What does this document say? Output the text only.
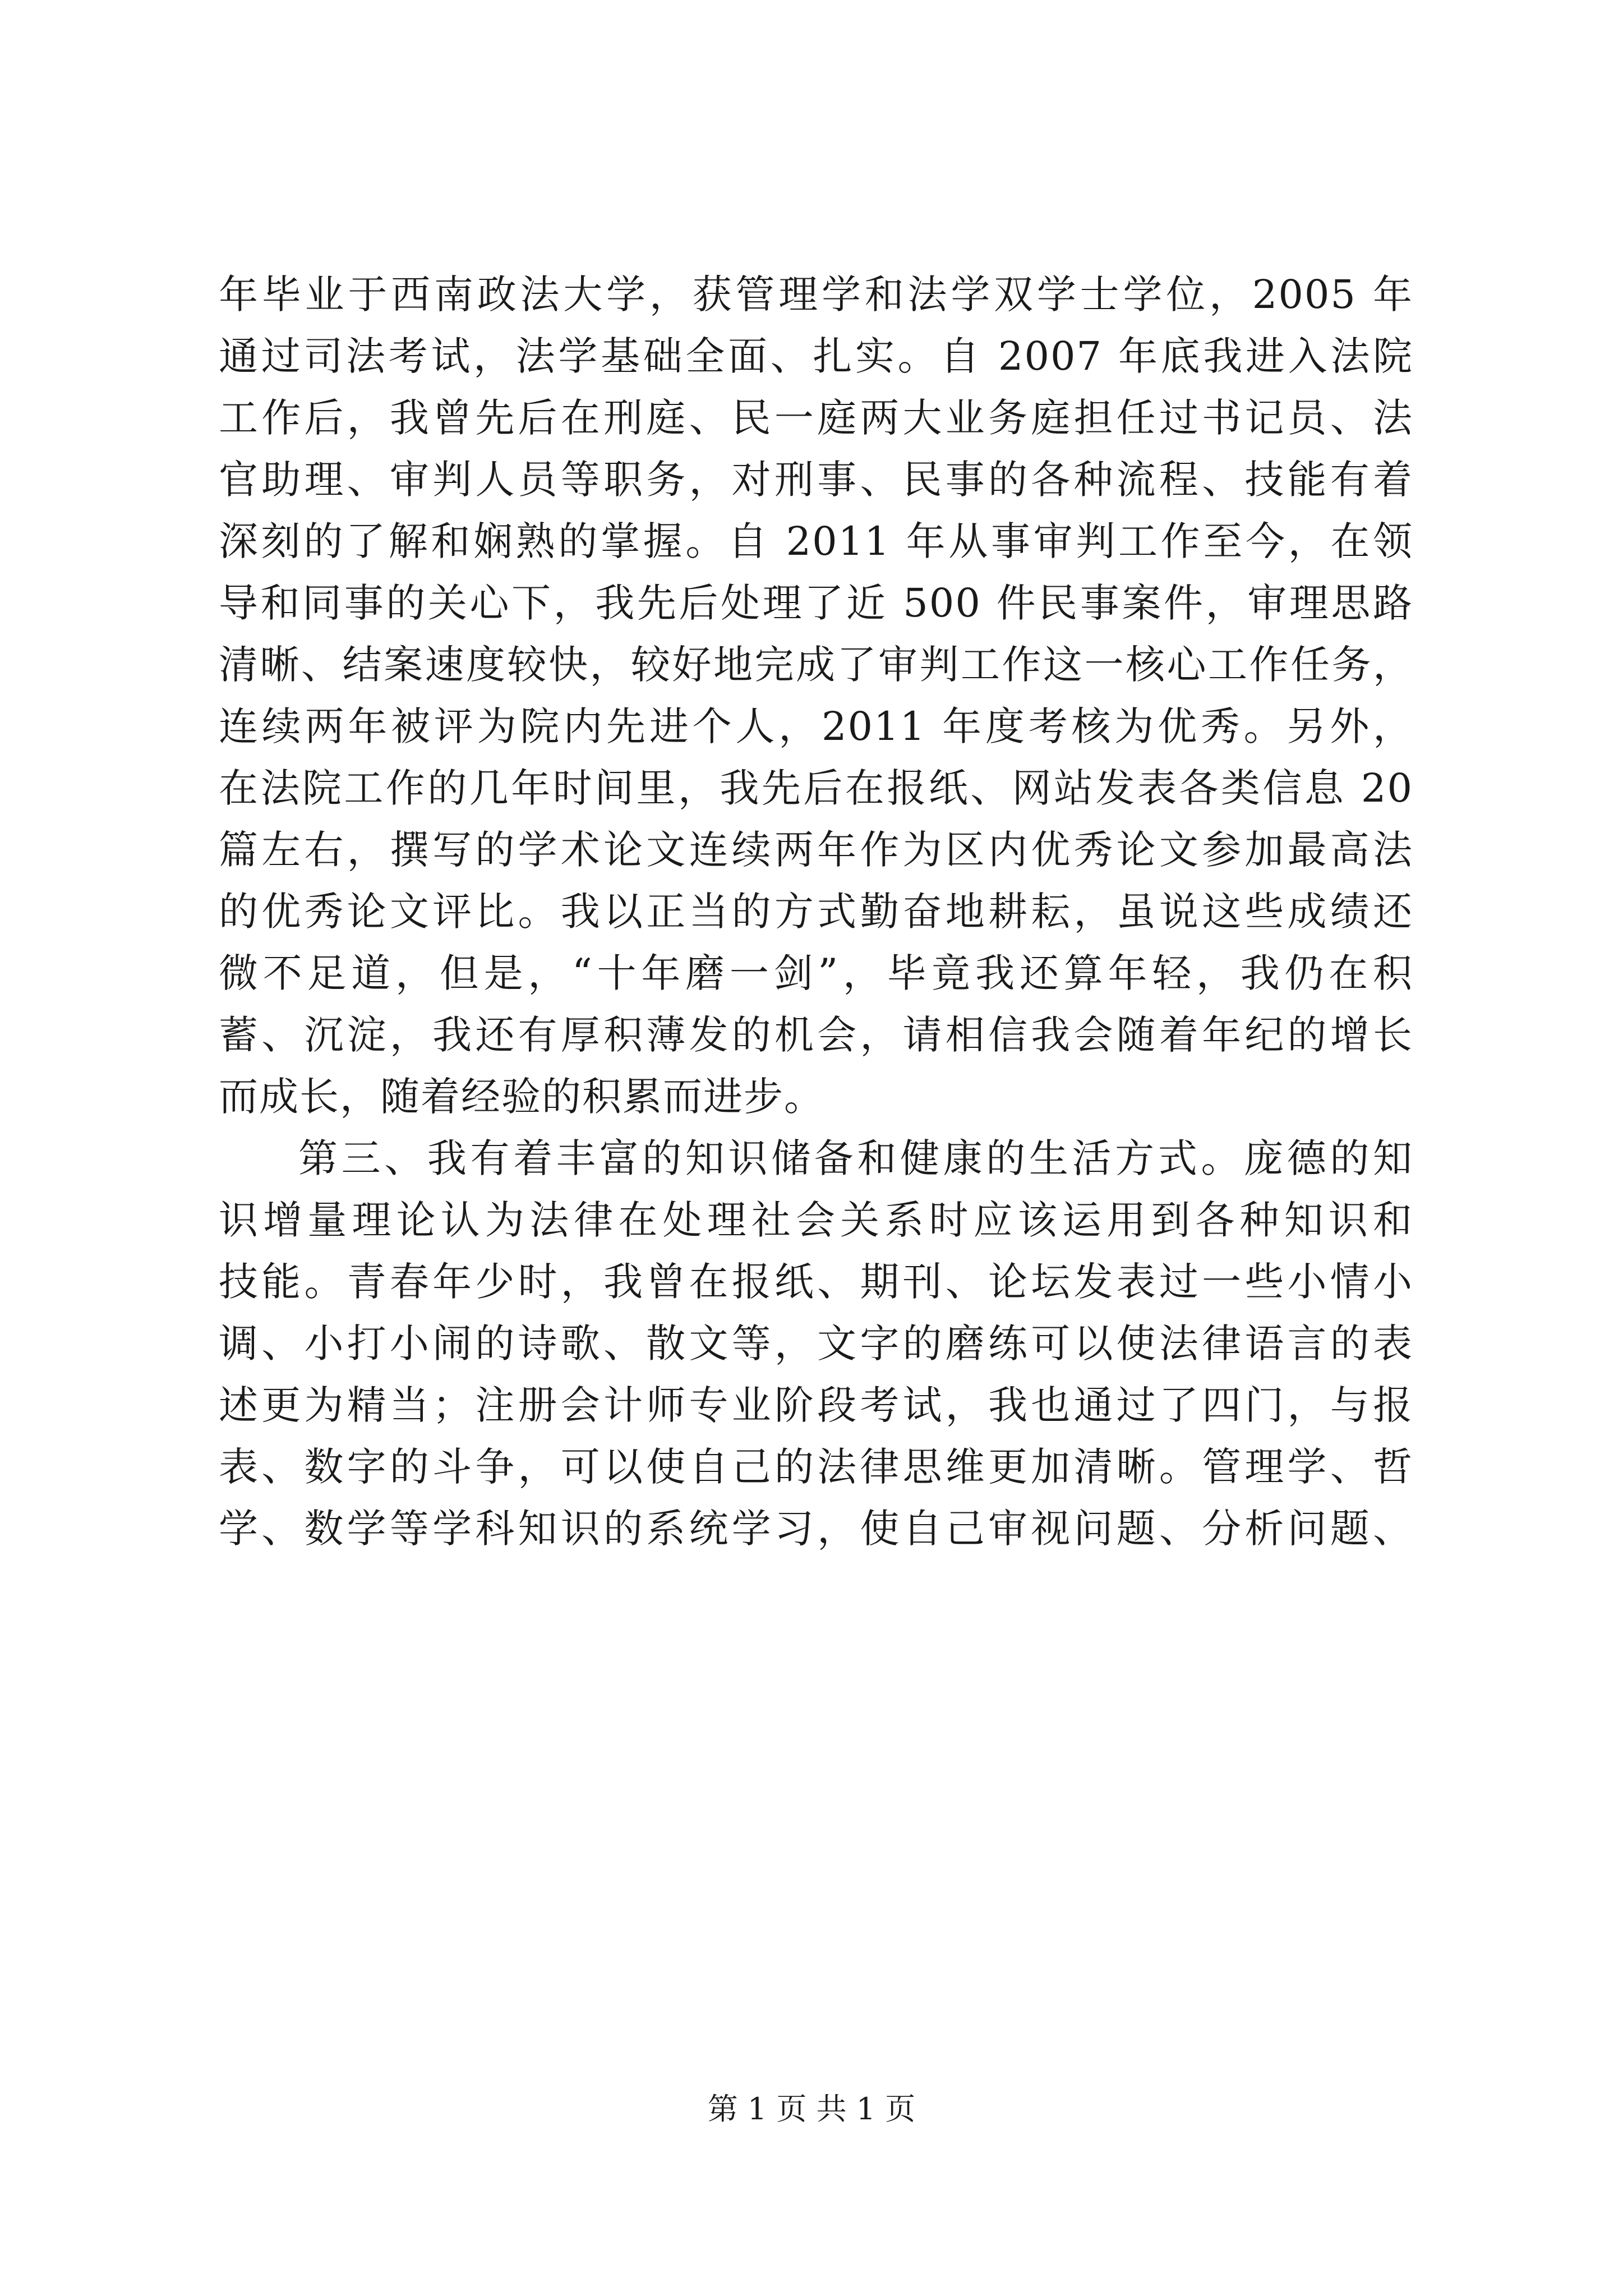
年毕业于西南政法大学，获管理学和法学双学士学位，2005 年
通过司法考试，法学基础全面、扎实。自 2007 年底我进入法院
工作后，我曾先后在刑庭、民一庭两大业务庭担任过书记员、法
官助理、审判人员等职务，对刑事、民事的各种流程、技能有着
深刻的了解和娴熟的掌握。自 2011 年从事审判工作至今，在领
导和同事的关心下，我先后处理了近 500 件民事案件，审理思路
清晰、结案速度较快，较好地完成了审判工作这一核心工作任务，
连续两年被评为院内先进个人，2011 年度考核为优秀。另外，
在法院工作的几年时间里，我先后在报纸、网站发表各类信息 20
篇左右，撰写的学术论文连续两年作为区内优秀论文参加最高法
的优秀论文评比。我以正当的方式勤奋地耕耘，虽说这些成绩还
微不足道，但是，“十年磨一剑”，毕竟我还算年轻，我仍在积
蓄、沉淀，我还有厚积薄发的机会，请相信我会随着年纪的增长
而成长，随着经验的积累而进步。
第三、我有着丰富的知识储备和健康的生活方式。庞德的知
识增量理论认为法律在处理社会关系时应该运用到各种知识和
技能。青春年少时，我曾在报纸、期刊、论坛发表过一些小情小
调、小打小闹的诗歌、散文等，文字的磨练可以使法律语言的表
述更为精当；注册会计师专业阶段考试，我也通过了四门，与报
表、数字的斗争，可以使自己的法律思维更加清晰。管理学、哲
学、数学等学科知识的系统学习，使自己审视问题、分析问题、
第 1 页 共 1 页
